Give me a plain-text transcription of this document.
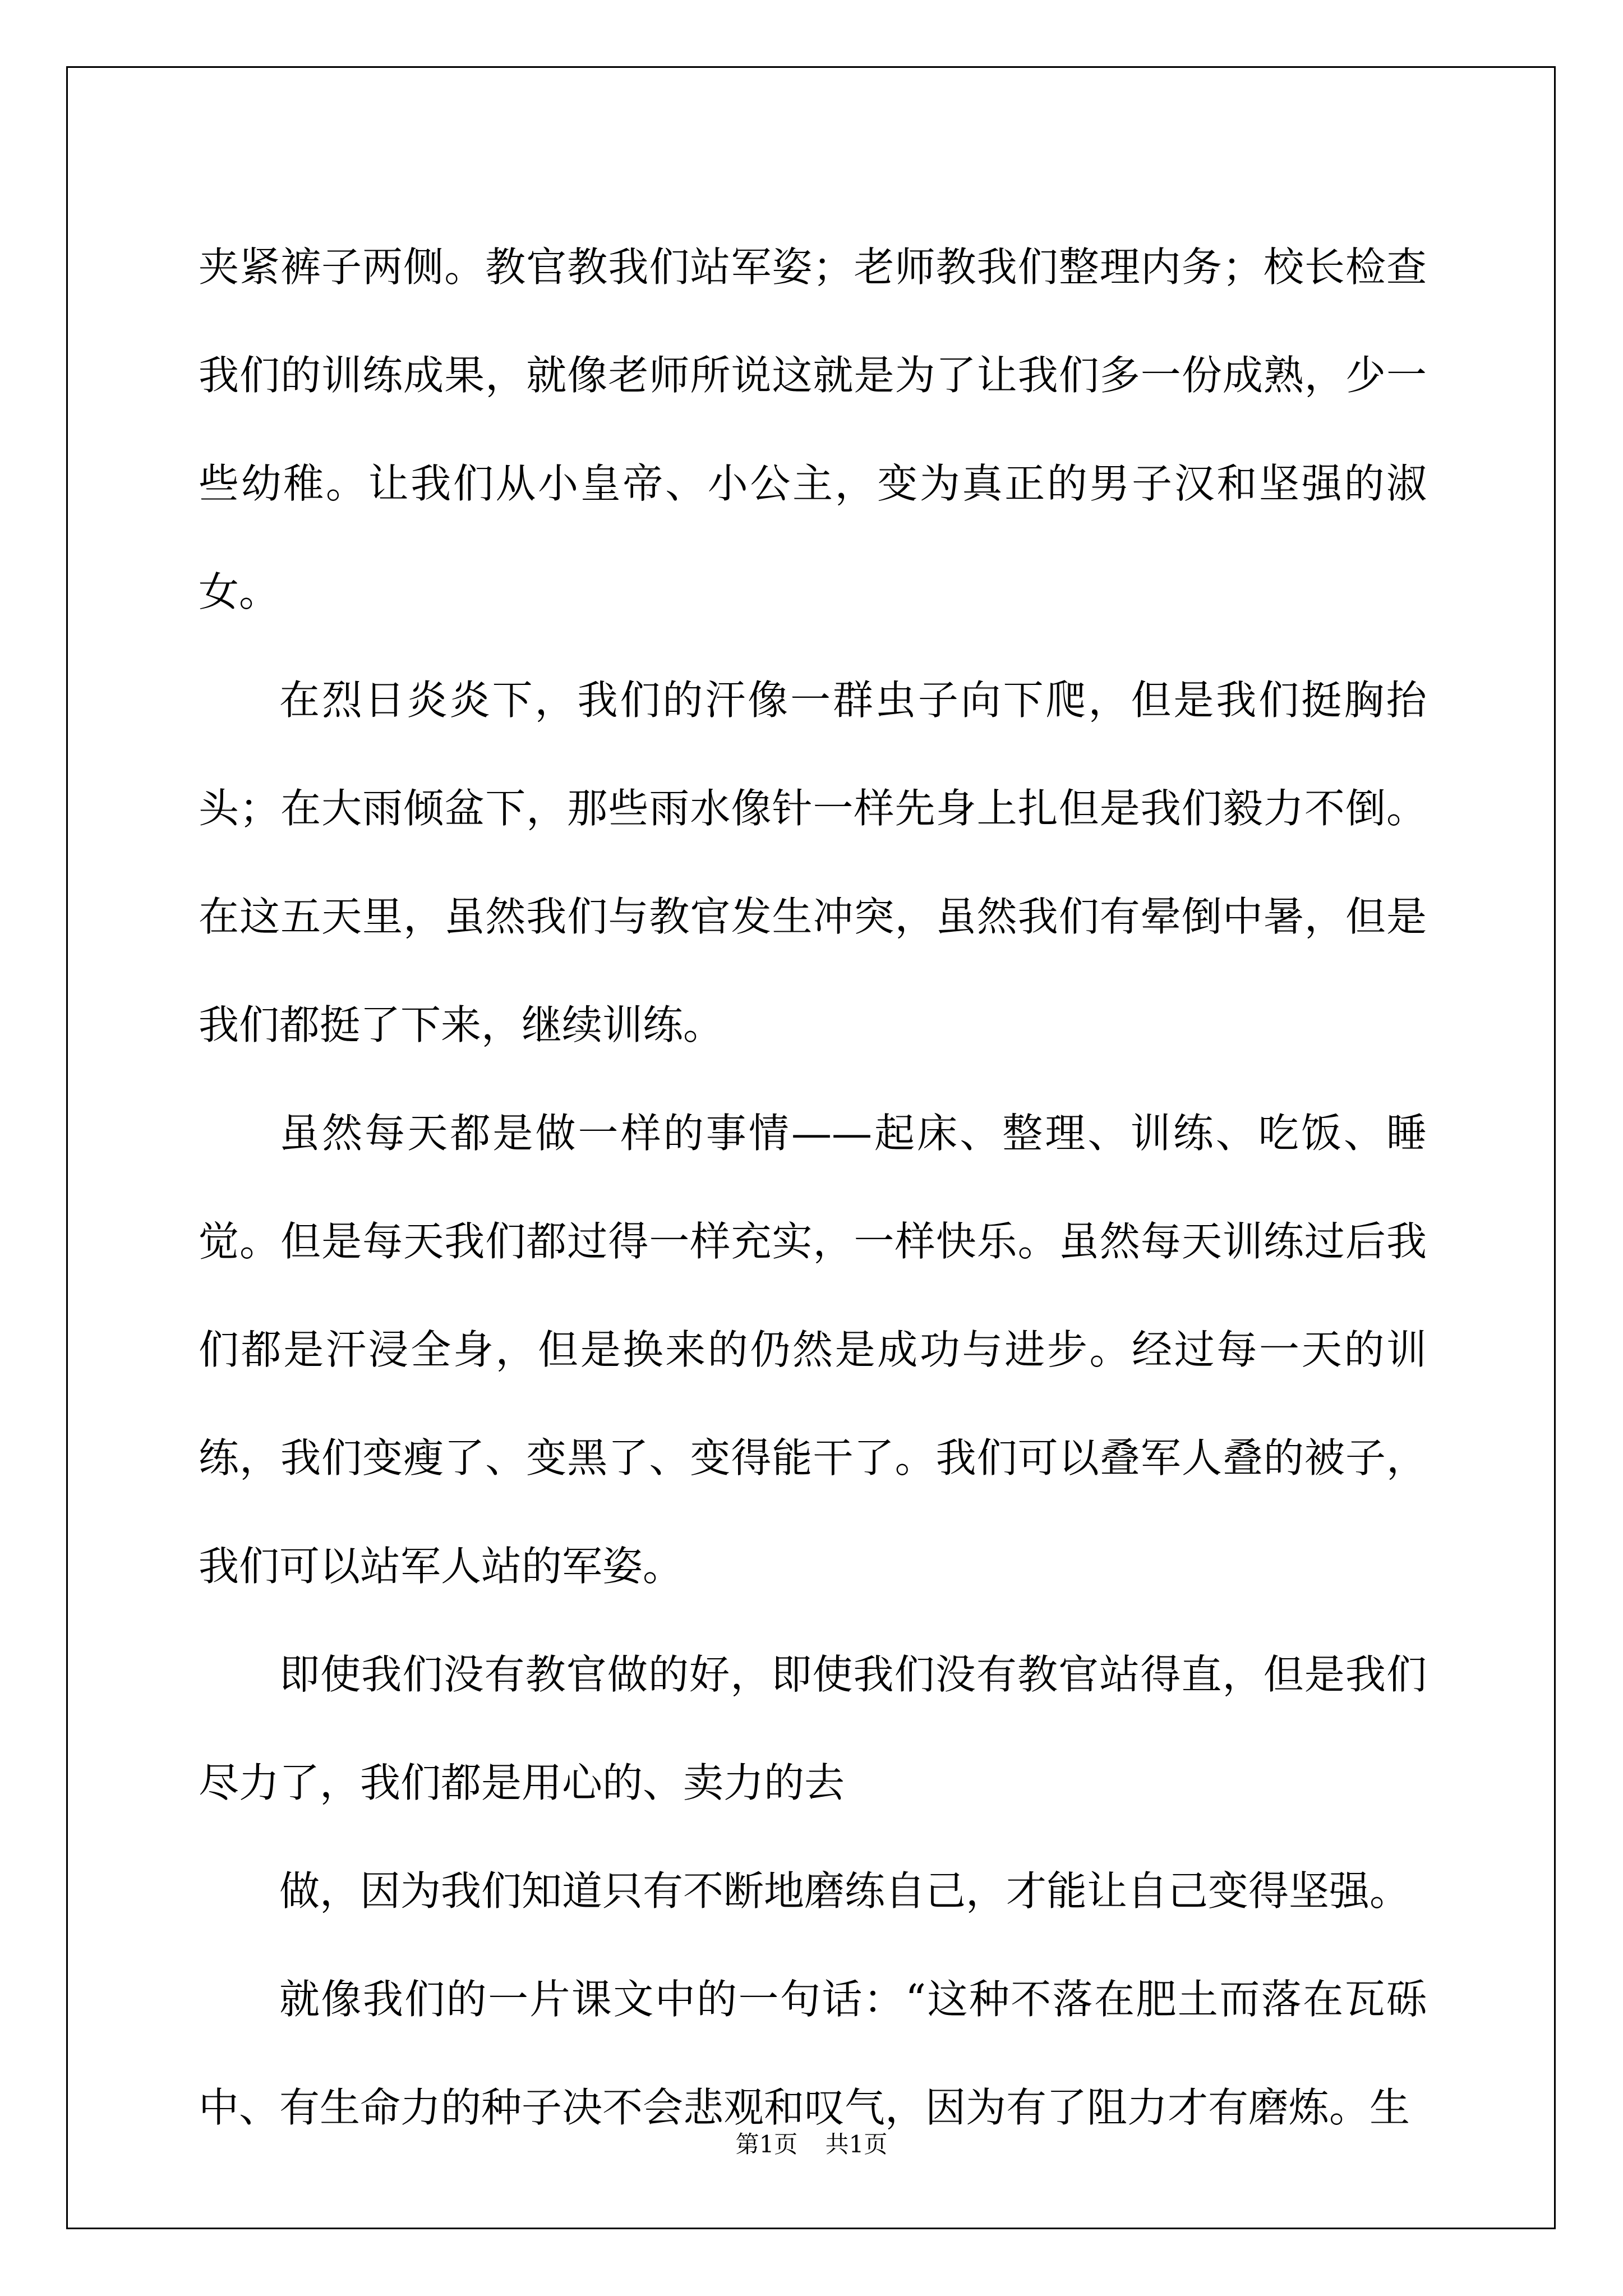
夹紧裤子两侧。教官教我们站军姿；老师教我们整理内务；校长检查我们的训练成果，就像老师所说这就是为了让我们多一份成熟，少一些幼稚。让我们从小皇帝、小公主，变为真正的男子汉和坚强的淑女。

在烈日炎炎下，我们的汗像一群虫子向下爬，但是我们挺胸抬头；在大雨倾盆下，那些雨水像针一样先身上扎但是我们毅力不倒。在这五天里，虽然我们与教官发生冲突，虽然我们有晕倒中暑，但是我们都挺了下来，继续训练。

虽然每天都是做一样的事情——起床、整理、训练、吃饭、睡觉。但是每天我们都过得一样充实，一样快乐。虽然每天训练过后我们都是汗浸全身，但是换来的仍然是成功与进步。经过每一天的训练，我们变瘦了、变黑了、变得能干了。我们可以叠军人叠的被子，我们可以站军人站的军姿。

即使我们没有教官做的好，即使我们没有教官站得直，但是我们尽力了，我们都是用心的、卖力的去

做，因为我们知道只有不断地磨练自己，才能让自己变得坚强。

就像我们的一片课文中的一句话：“这种不落在肥土而落在瓦砾中、有生命力的种子决不会悲观和叹气，因为有了阻力才有磨炼。生

第1页 共1页
